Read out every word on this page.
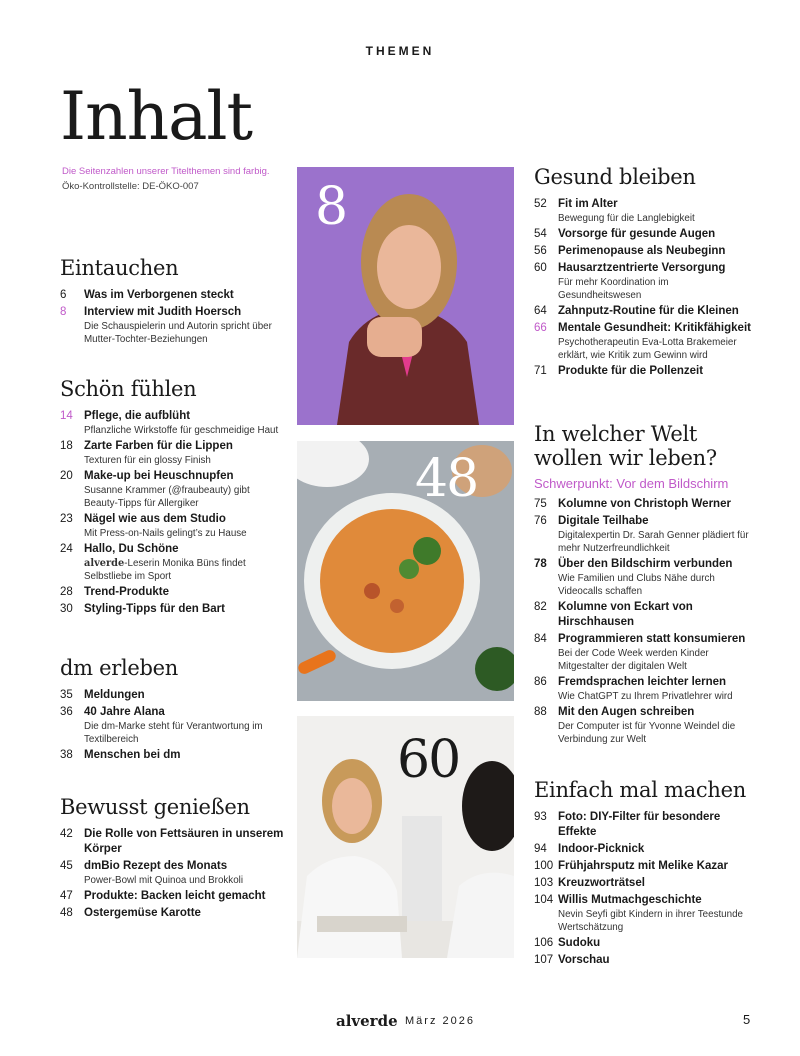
THEMEN
Inhalt
Die Seitenzahlen unserer Titelthemen sind farbig.
Öko-Kontrollstelle: DE-ÖKO-007
Eintauchen
6	Was im Verborgenen steckt
8	Interview mit Judith Hoersch
Die Schauspielerin und Autorin spricht über Mutter-Tochter-Beziehungen
Schön fühlen
14 Pflege, die aufblüht
Pflanzliche Wirkstoffe für geschmeidige Haut
18 Zarte Farben für die Lippen
Texturen für ein glossy Finish
20 Make-up bei Heuschnupfen
Susanne Krammer (@fraubeauty) gibt Beauty-Tipps für Allergiker
23 Nägel wie aus dem Studio
Mit Press-on-Nails gelingt’s zu Hause
24 Hallo, Du Schöne
alverde-Leserin Monika Büns findet Selbstliebe im Sport
28 Trend-Produkte
30 Styling-Tipps für den Bart
dm erleben
35 Meldungen
36 40 Jahre Alana
Die dm-Marke steht für Verantwortung im Textilbereich
38 Menschen bei dm
Bewusst genießen
42 Die Rolle von Fettsäuren in unserem Körper
45 dmBio Rezept des Monats
Power-Bowl mit Quinoa und Brokkoli
47 Produkte: Backen leicht gemacht
48 Ostergemüse Karotte
8
48
60
Gesund bleiben
52 Fit im Alter
Bewegung für die Langlebigkeit
54 Vorsorge für gesunde Augen
56 Perimenopause als Neubeginn
60 Hausarztzentrierte Versorgung
Für mehr Koordination im Gesundheitswesen
64 Zahnputz-Routine für die Kleinen
66 Mentale Gesundheit: Kritikfähigkeit
Psychotherapeutin Eva-Lotta Brakemeier erklärt, wie Kritik zum Gewinn wird
71 Produkte für die Pollenzeit
In welcher Welt wollen wir leben?
Schwerpunkt: Vor dem Bildschirm
75 Kolumne von Christoph Werner
76 Digitale Teilhabe
Digitalexpertin Dr. Sarah Genner plädiert für mehr Nutzerfreundlichkeit
78 Über den Bildschirm verbunden
Wie Familien und Clubs Nähe durch Videocalls schaffen
82 Kolumne von Eckart von Hirschhausen
84 Programmieren statt konsumieren
Bei der Code Week werden Kinder Mitgestalter der digitalen Welt
86 Fremdsprachen leichter lernen
Wie ChatGPT zu Ihrem Privatlehrer wird
88 Mit den Augen schreiben
Der Computer ist für Yvonne Weindel die Verbindung zur Welt
Einfach mal machen
93 Foto: DIY-Filter für besondere Effekte
94 Indoor-Picknick
100 Frühjahrsputz mit Melike Kazar
103 Kreuzworträtsel
104 Willis Mutmachgeschichte
Nevin Seyfi gibt Kindern in ihrer Teestunde Wertschätzung
106 Sudoku
107 Vorschau
alverde März 2026	5
